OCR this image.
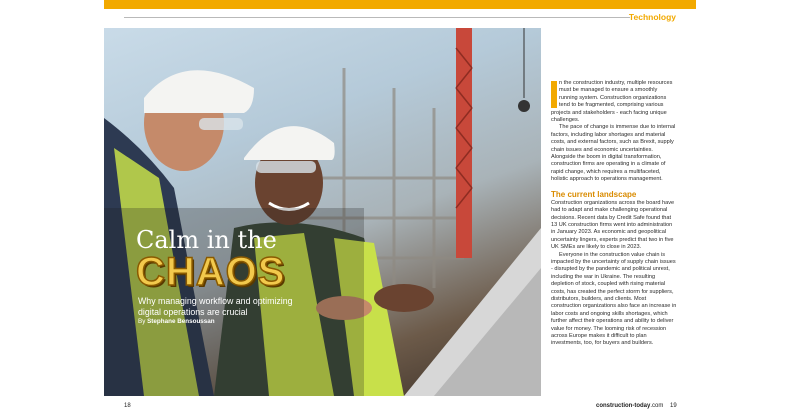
Technology
Calm in the
CHAOS
Why managing workflow and optimizing digital operations are crucial
By Stephane Bensoussan

n the construction industry, multiple resources must be managed to ensure a smoothly running system. Construction organizations tend to be fragmented, comprising various projects and stakeholders - each facing unique challenges.

The pace of change is immense due to internal factors, including labor shortages and material costs, and external factors, such as Brexit, supply chain issues and economic uncertainties. Alongside the boom in digital transformation, construction firms are operating in a climate of rapid change, which requires a multifaceted, holistic approach to operations management.

The current landscape

Construction organizations across the board have had to adapt and make challenging operational decisions. Recent data by Credit Safe found that 13 UK construction firms went into administration in January 2023. As economic and geopolitical uncertainty lingers, experts predict that two in five UK SMEs are likely to close in 2023.

Everyone in the construction value chain is impacted by the uncertainty of supply chain issues - disrupted by the pandemic and political unrest, including the war in Ukraine. The resulting depletion of stock, coupled with rising material costs, has created the perfect storm for suppliers, distributors, builders, and clients. Most construction organizations also face an increase in labor costs and ongoing skills shortages, which further affect their operations and ability to deliver value for money. The looming risk of recession across Europe makes it difficult to plan investments, too, for buyers and builders.

18	construction-today.com 19
